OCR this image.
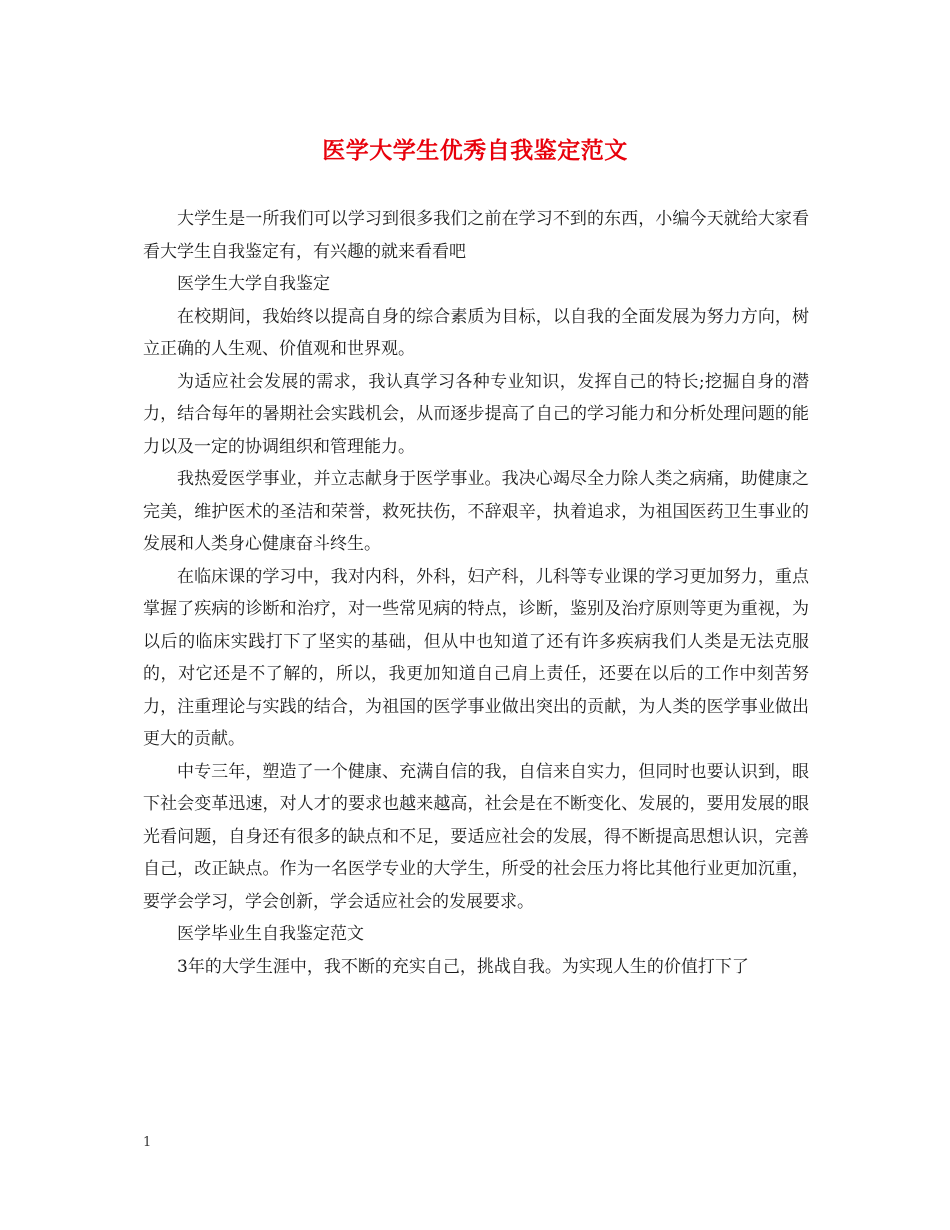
医学大学生优秀自我鉴定范文

大学生是一所我们可以学习到很多我们之前在学习不到的东西，小编今天就给大家看看大学生自我鉴定有，有兴趣的就来看看吧

医学生大学自我鉴定

在校期间，我始终以提高自身的综合素质为目标，以自我的全面发展为努力方向，树立正确的人生观、价值观和世界观。

为适应社会发展的需求，我认真学习各种专业知识，发挥自己的特长;挖掘自身的潜力，结合每年的暑期社会实践机会，从而逐步提高了自己的学习能力和分析处理问题的能力以及一定的协调组织和管理能力。

我热爱医学事业，并立志献身于医学事业。我决心竭尽全力除人类之病痛，助健康之完美，维护医术的圣洁和荣誉，救死扶伤，不辞艰辛，执着追求，为祖国医药卫生事业的发展和人类身心健康奋斗终生。

在临床课的学习中，我对内科，外科，妇产科，儿科等专业课的学习更加努力，重点掌握了疾病的诊断和治疗，对一些常见病的特点，诊断，鉴别及治疗原则等更为重视，为以后的临床实践打下了坚实的基础，但从中也知道了还有许多疾病我们人类是无法克服的，对它还是不了解的，所以，我更加知道自己肩上责任，还要在以后的工作中刻苦努力，注重理论与实践的结合，为祖国的医学事业做出突出的贡献，为人类的医学事业做出更大的贡献。

中专三年，塑造了一个健康、充满自信的我，自信来自实力，但同时也要认识到，眼下社会变革迅速，对人才的要求也越来越高，社会是在不断变化、发展的，要用发展的眼光看问题，自身还有很多的缺点和不足，要适应社会的发展，得不断提高思想认识，完善自己，改正缺点。作为一名医学专业的大学生，所受的社会压力将比其他行业更加沉重，要学会学习，学会创新，学会适应社会的发展要求。

医学毕业生自我鉴定范文

3年的大学生涯中，我不断的充实自己，挑战自我。为实现人生的价值打下了

1
